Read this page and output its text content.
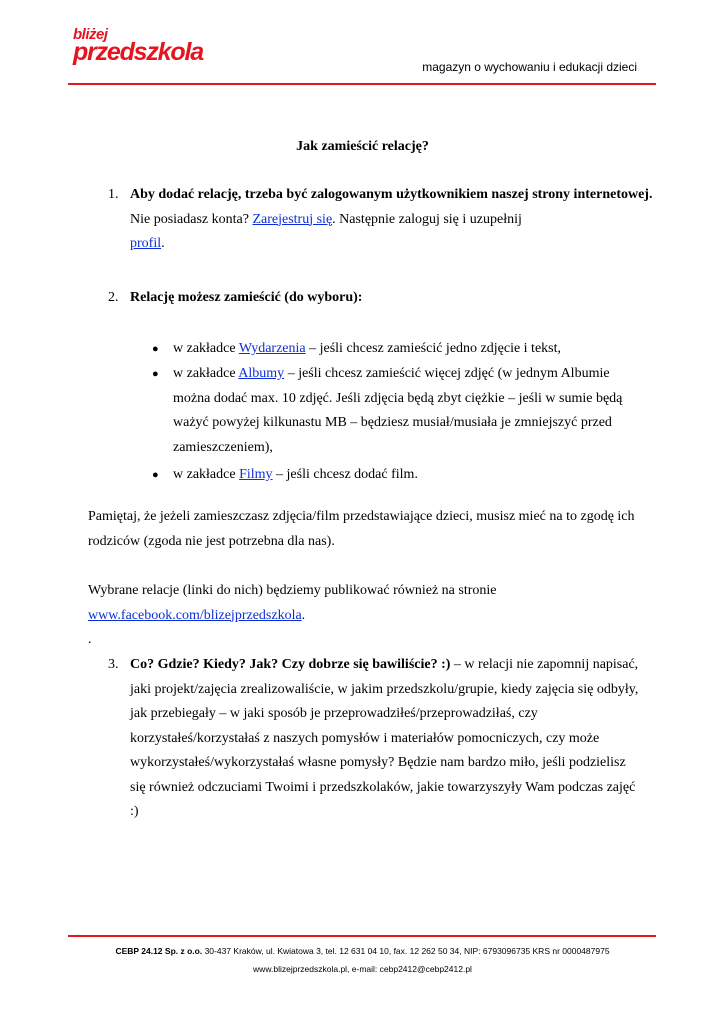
bliżej
przedszkola
magazyn o wychowaniu i edukacji dzieci
Jak zamieścić relację?
1. Aby dodać relację, trzeba być zalogowanym użytkownikiem naszej strony internetowej. Nie posiadasz konta? Zarejestruj się. Następnie zaloguj się i uzupełnij
profil.
2. Relację możesz zamieścić (do wyboru):
● w zakładce Wydarzenia – jeśli chcesz zamieścić jedno zdjęcie i tekst,
● w zakładce Albumy – jeśli chcesz zamieścić więcej zdjęć (w jednym Albumie można dodać max. 10 zdjęć. Jeśli zdjęcia będą zbyt ciężkie – jeśli w sumie będą ważyć powyżej kilkunastu MB – będziesz musiał/musiała je zmniejszyć przed zamieszczeniem),
● w zakładce Filmy – jeśli chcesz dodać film.
Pamiętaj, że jeżeli zamieszczasz zdjęcia/film przedstawiające dzieci, musisz mieć na to zgodę ich rodziców (zgoda nie jest potrzebna dla nas).
Wybrane relacje (linki do nich) będziemy publikować również na stronie www.facebook.com/blizejprzedszkola.
.
3. Co? Gdzie? Kiedy? Jak? Czy dobrze się bawiliście? :) – w relacji nie zapomnij napisać, jaki projekt/zajęcia zrealizowaliście, w jakim przedszkolu/grupie, kiedy zajęcia się odbyły, jak przebiegały – w jaki sposób je przeprowadziłeś/przeprowadziłaś, czy korzystałeś/korzystałaś z naszych pomysłów i materiałów pomocniczych, czy może wykorzystałeś/wykorzystałaś własne pomysły? Będzie nam bardzo miło, jeśli podzielisz się również odczuciami Twoimi i przedszkolaków, jakie towarzyszyły Wam podczas zajęć :)
CEBP 24.12 Sp. z o.o. 30-437 Kraków, ul. Kwiatowa 3, tel. 12 631 04 10, fax. 12 262 50 34, NIP: 6793096735 KRS nr 0000487975
www.blizejprzedszkola.pl, e-mail: cebp2412@cebp2412.pl
